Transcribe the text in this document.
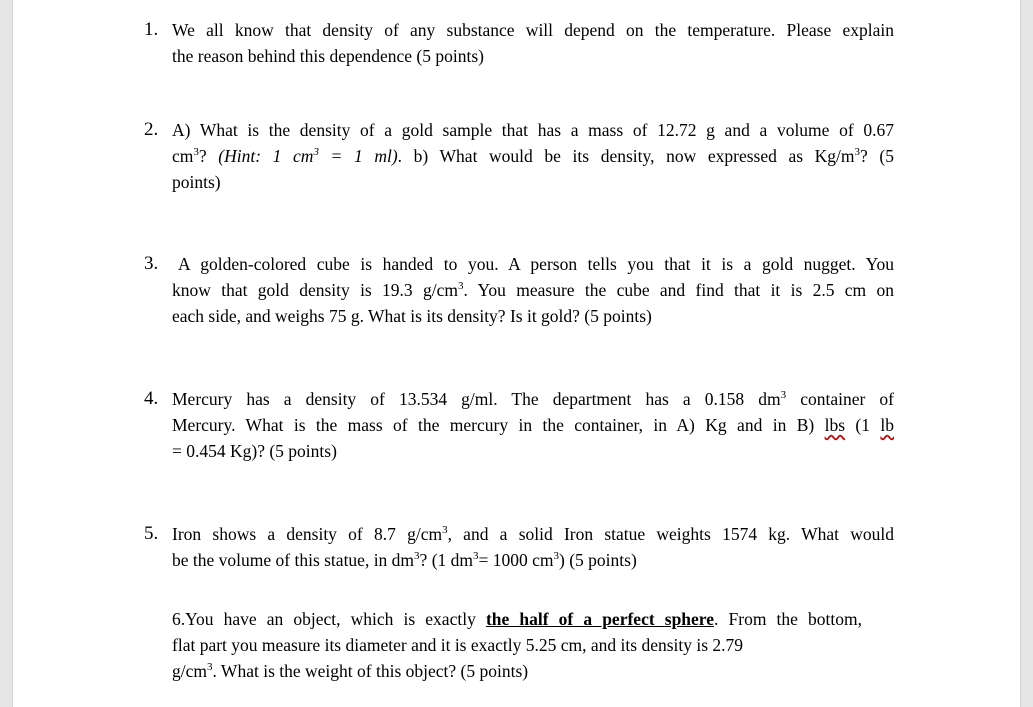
1. We all know that density of any substance will depend on the temperature. Please explain
the reason behind this dependence (5 points)
2. A) What is the density of a gold sample that has a mass of 12.72 g and a volume of 0.67
$cm^3$? (Hint: 1 $cm^3 = 1$ ml). b) What would be its density, now expressed as $Kg/m^3$? (5
points)
3.	A golden-colored cube is handed to you. A person tells you that it is a gold nugget. You
know that gold density is 19.3 $g/cm^3$. You measure the cube and find that it is 2.5 cm on
each side, and weighs 75 g. What is its density? Is it gold? (5 points)
4. Mercury has a density of 13.534 g/ml. The department has a 0.158 $dm^3$ container of
Mercury. What is the mass of the mercury in the container, in A) Kg and in B) lbs (1 lb
= 0.454 Kg)? (5 points)
5. Iron shows a density of 8.7 $g/cm^3$, and a solid Iron statue weights 1574 kg. What would
be the volume of this statue, in $dm^3$? (1 $dm^3= 1000$ $cm^3$) (5 points)
6.You have an object, which is exactly the half of a perfect sphere. From the bottom,
flat part you measure its diameter and it is exactly 5.25 cm, and its density is 2.79
$g/cm^3$. What is the weight of this object? (5 points)
